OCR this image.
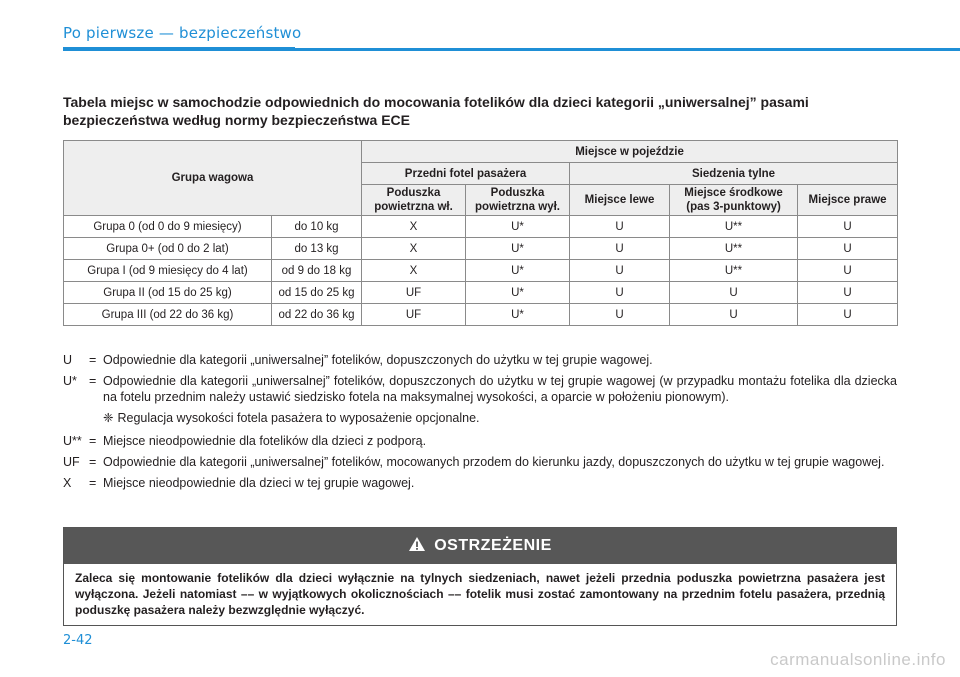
Po pierwsze — bezpieczeństwo
Tabela miejsc w samochodzie odpowiednich do mocowania fotelików dla dzieci kategorii „uniwersalnej” pasami bezpieczeństwa według normy bezpieczeństwa ECE
Grupa wagowa		Miejsce w pojeździe				
		Przedni fotel pasażera		Siedzenia tylne		
		Poduszka powietrzna wł.	Poduszka powietrzna wył.	Miejsce lewe	Miejsce środkowe (pas 3-punktowy)	Miejsce prawe
Grupa 0 (od 0 do 9 miesięcy)	do 10 kg	X	U*	U	U**	U
Grupa 0+ (od 0 do 2 lat)	do 13 kg	X	U*	U	U**	U
Grupa I (od 9 miesięcy do 4 lat)	od 9 do 18 kg	X	U*	U	U**	U
Grupa II (od 15 do 25 kg)	od 15 do 25 kg	UF	U*	U	U	U
Grupa III (od 22 do 36 kg)	od 22 do 36 kg	UF	U*	U	U	U
U	= Odpowiednie dla kategorii „uniwersalnej” fotelików, dopuszczonych do użytku w tej grupie wagowej.
U* = Odpowiednie dla kategorii „uniwersalnej” fotelików, dopuszczonych do użytku w tej grupie wagowej (w przypadku montażu fotelika dla dziecka na fotelu przednim należy ustawić siedzisko fotela na maksymalnej wysokości, a oparcie w położeniu pionowym).
❈ Regulacja wysokości fotela pasażera to wyposażenie opcjonalne.
U** = Miejsce nieodpowiednie dla fotelików dla dzieci z podporą.
UF = Odpowiednie dla kategorii „uniwersalnej” fotelików, mocowanych przodem do kierunku jazdy, dopuszczonych do użytku w tej grupie wagowej.
X	= Miejsce nieodpowiednie dla dzieci w tej grupie wagowej.
OSTRZEŻENIE
Zaleca się montowanie fotelików dla dzieci wyłącznie na tylnych siedzeniach, nawet jeżeli przednia poduszka powietrzna pasażera jest wyłączona. Jeżeli natomiast –– w wyjątkowych okolicznościach –– fotelik musi zostać zamontowany na przednim fotelu pasażera, przednią poduszkę pasażera należy bezwzględnie wyłączyć.
2-42
carmanualsonline.info
